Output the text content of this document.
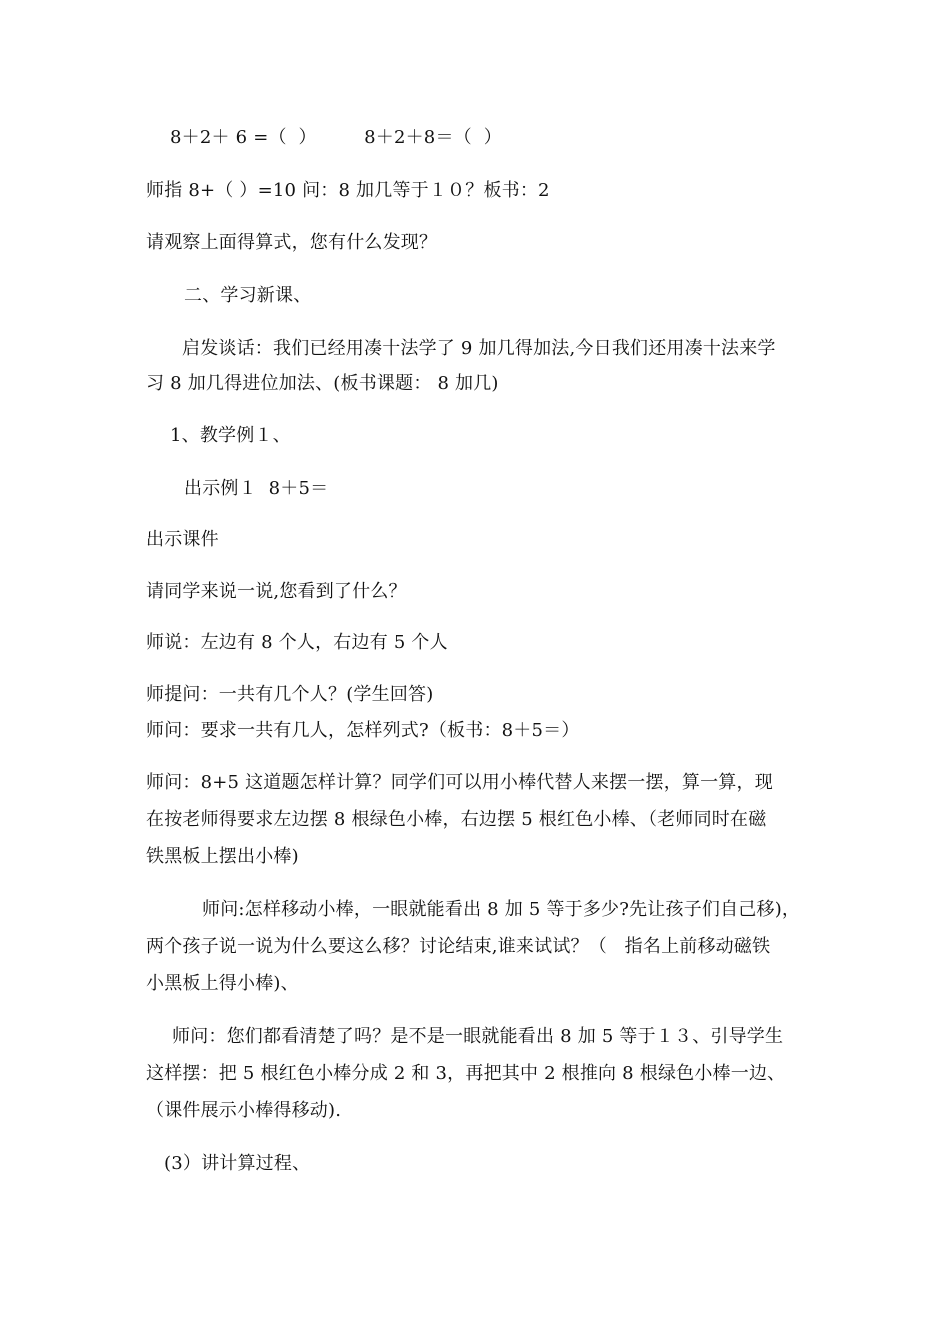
8＋2＋ 6 =（  ）        8＋2＋8＝（  ）
师指 8+（ ）=10 问：8 加几等于１０？板书：2
请观察上面得算式，您有什么发现？
二、学习新课、
启发谈话：我们已经用凑十法学了 9 加几得加法,今日我们还用凑十法来学
习 8 加几得进位加法、(板书课题： 8 加几)
1、教学例１、
出示例１  8＋5＝
出示课件
请同学来说一说,您看到了什么？
师说：左边有 8 个人，右边有 5 个人
师提问：一共有几个人？(学生回答)
师问：要求一共有几人，怎样列式?（板书：8＋5＝）
师问：8+5 这道题怎样计算？同学们可以用小棒代替人来摆一摆，算一算，现
在按老师得要求左边摆 8 根绿色小棒，右边摆 5 根红色小棒、（老师同时在磁
铁黑板上摆出小棒)
师问:怎样移动小棒，一眼就能看出 8 加 5 等于多少?先让孩子们自己移)，
两个孩子说一说为什么要这么移？讨论结束,谁来试试？（   指名上前移动磁铁
小黑板上得小棒)、
师问：您们都看清楚了吗？是不是一眼就能看出 8 加 5 等于１３、引导学生
这样摆：把 5 根红色小棒分成 2 和 3，再把其中 2 根推向 8 根绿色小棒一边、
（课件展示小棒得移动).
(3）讲计算过程、
